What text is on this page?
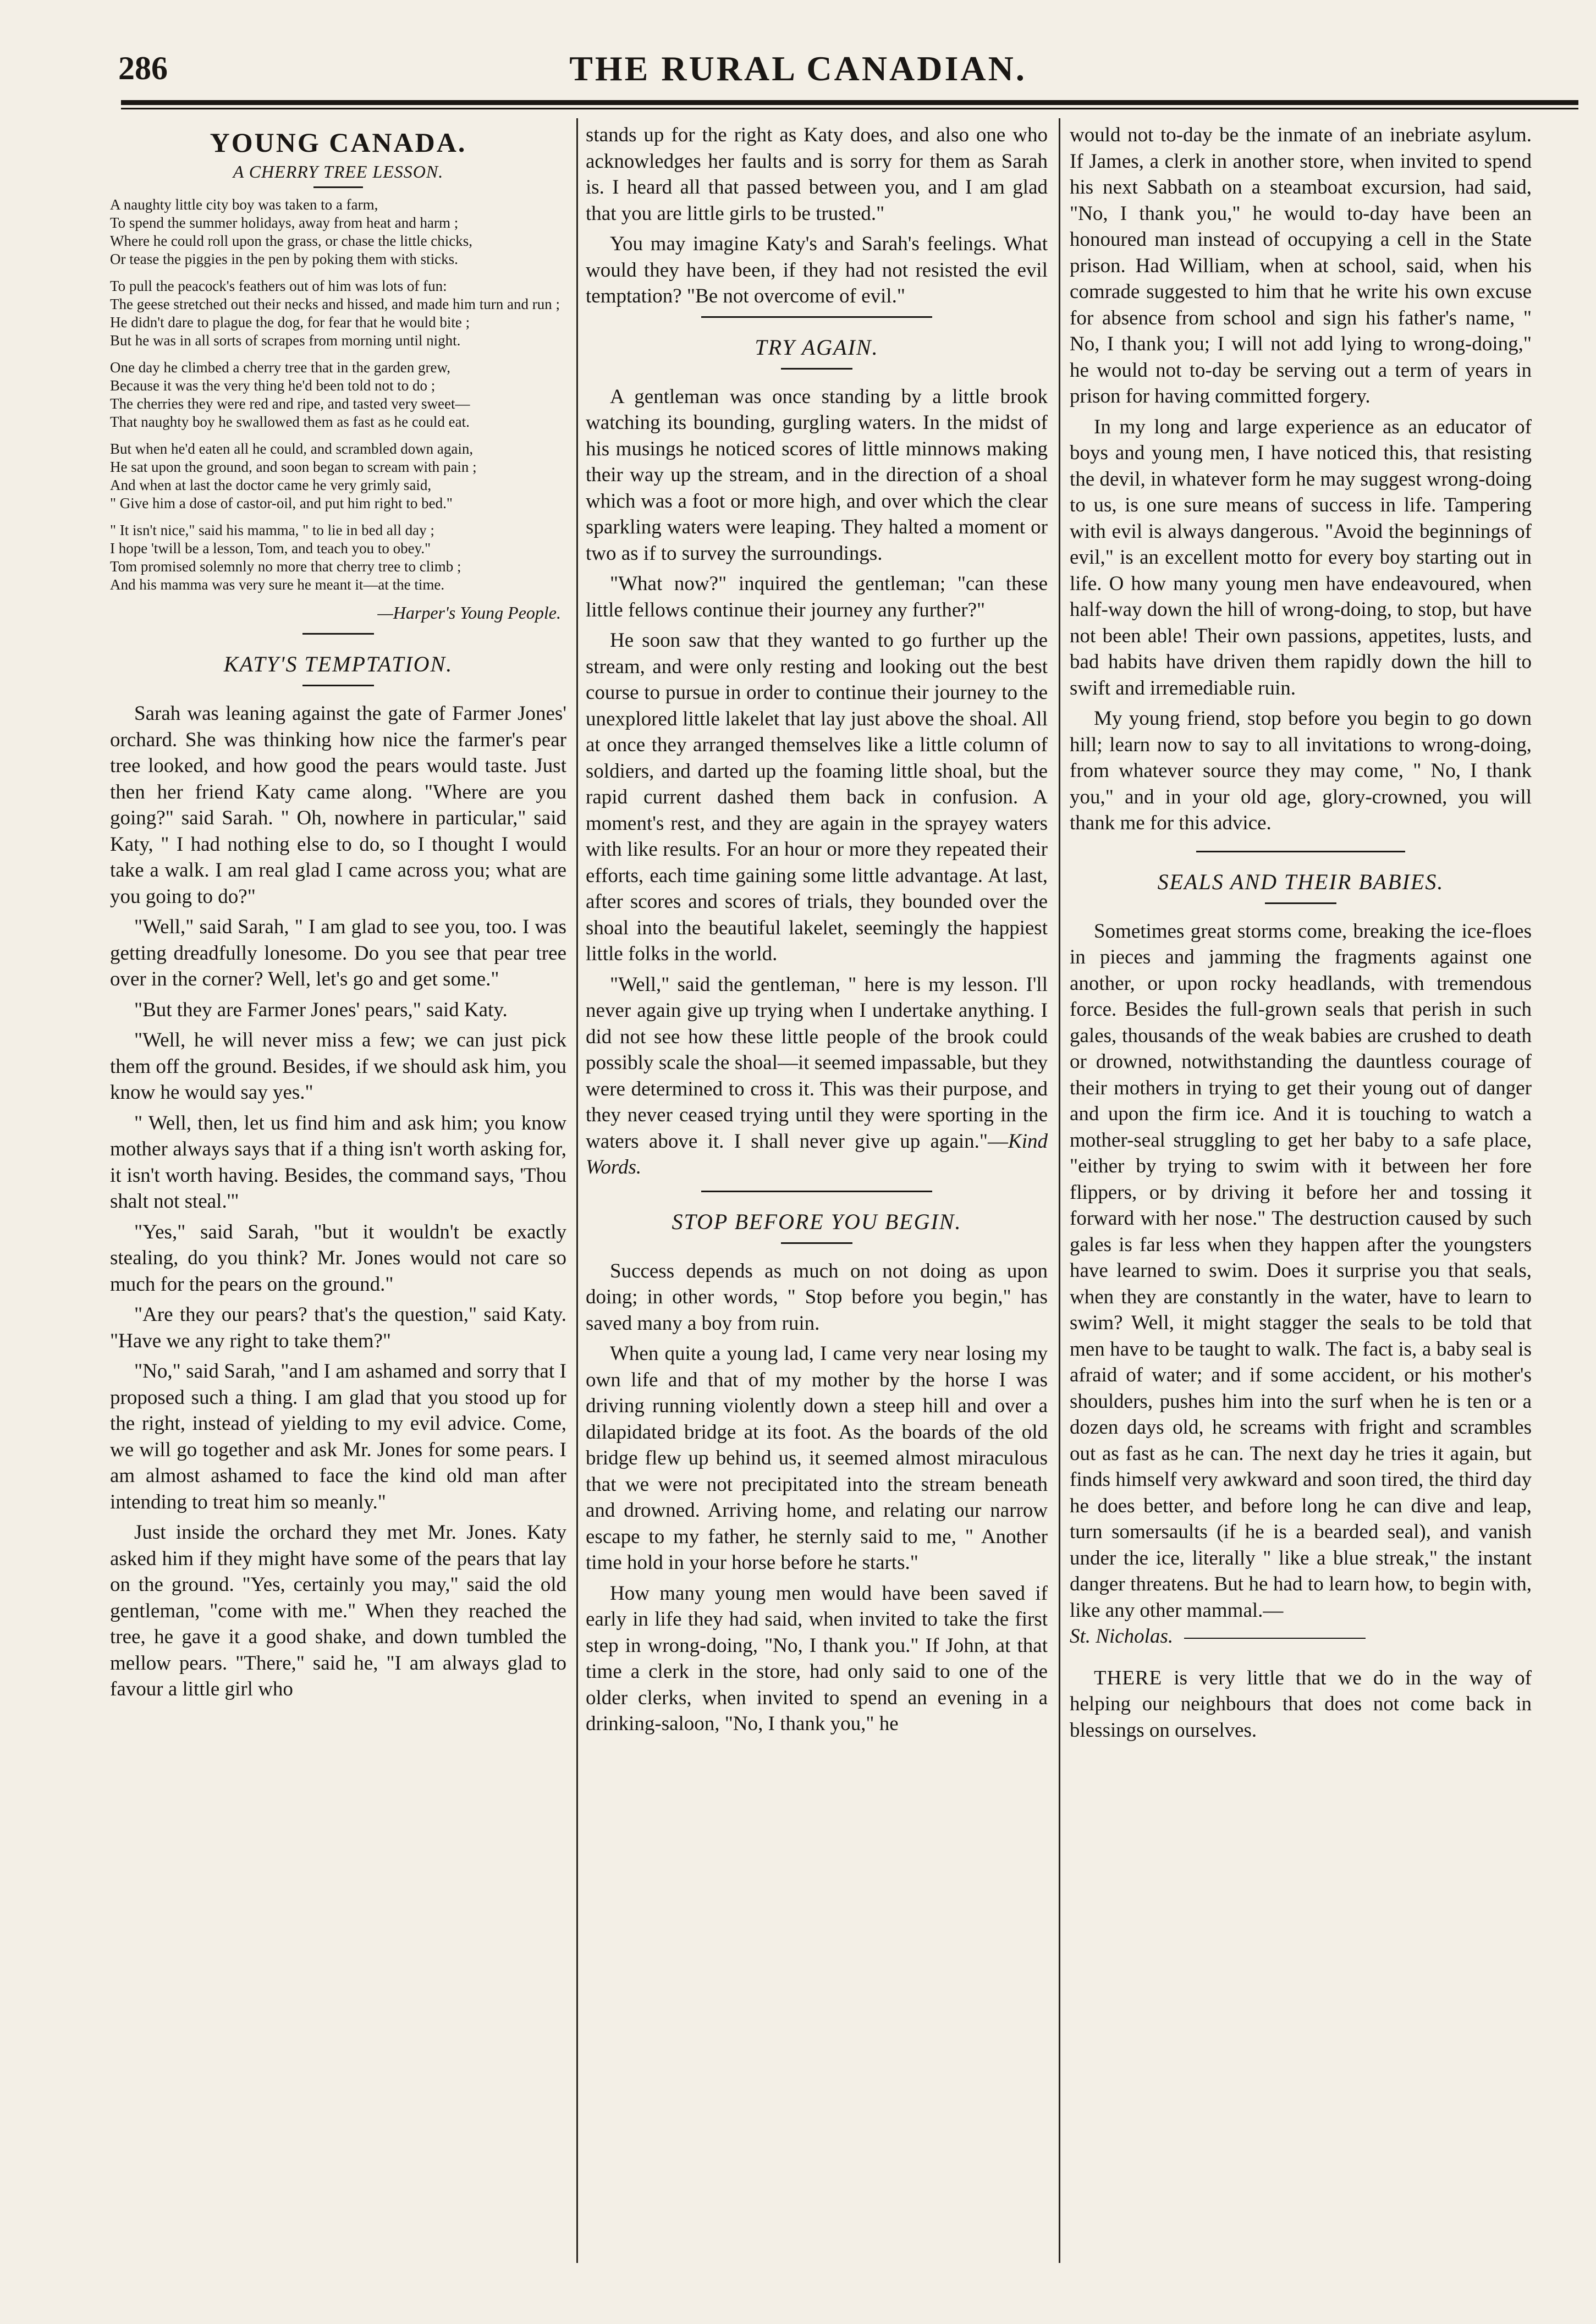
THE RURAL CANADIAN.
286
YOUNG CANADA.
A CHERRY TREE LESSON.
A naughty little city boy was taken to a farm,
To spend the summer holidays, away from heat and harm ;
Where he could roll upon the grass, or chase the little chicks,
Or tease the piggies in the pen by poking them with sticks.
To pull the peacock's feathers out of him was lots of fun:
The geese stretched out their necks and hissed, and made him turn and run ;
He didn't dare to plague the dog, for fear that he would bite ;
But he was in all sorts of scrapes from morning until night.
One day he climbed a cherry tree that in the garden grew,
Because it was the very thing he'd been told not to do ;
The cherries they were red and ripe, and tasted very sweet—
That naughty boy he swallowed them as fast as he could eat.
But when he'd eaten all he could, and scrambled down again,
He sat upon the ground, and soon began to scream with pain ;
And when at last the doctor came he very grimly said,
" Give him a dose of castor-oil, and put him right to bed."
" It isn't nice," said his mamma, " to lie in bed all day ;
I hope 'twill be a lesson, Tom, and teach you to obey."
Tom promised solemnly no more that cherry tree to climb ;
And his mamma was very sure he meant it—at the time.
—Harper's Young People.
KATY'S TEMPTATION.

Sarah was leaning against the gate of Farmer Jones' orchard. She was thinking how nice the farmer's pear tree looked, and how good the pears would taste. Just then her friend Katy came along. "Where are you going?" said Sarah. " Oh, nowhere in particular," said Katy, " I had nothing else to do, so I thought I would take a walk. I am real glad I came across you; what are you going to do?"

"Well," said Sarah, " I am glad to see you, too. I was getting dreadfully lonesome. Do you see that pear tree over in the corner? Well, let's go and get some."

"But they are Farmer Jones' pears," said Katy.

"Well, he will never miss a few; we can just pick them off the ground. Besides, if we should ask him, you know he would say yes."

" Well, then, let us find him and ask him; you know mother always says that if a thing isn't worth asking for, it isn't worth having. Besides, the command says, 'Thou shalt not steal.'"

"Yes," said Sarah, "but it wouldn't be exactly stealing, do you think? Mr. Jones would not care so much for the pears on the ground."

"Are they our pears? that's the question," said Katy. "Have we any right to take them?"

"No," said Sarah, "and I am ashamed and sorry that I proposed such a thing. I am glad that you stood up for the right, instead of yielding to my evil advice. Come, we will go together and ask Mr. Jones for some pears. I am almost ashamed to face the kind old man after intending to treat him so meanly."

Just inside the orchard they met Mr. Jones. Katy asked him if they might have some of the pears that lay on the ground. "Yes, certainly you may," said the old gentleman, "come with me." When they reached the tree, he gave it a good shake, and down tumbled the mellow pears. "There," said he, "I am always glad to favour a little girl who

stands up for the right as Katy does, and also one who acknowledges her faults and is sorry for them as Sarah is. I heard all that passed between you, and I am glad that you are little girls to be trusted."

You may imagine Katy's and Sarah's feelings. What would they have been, if they had not resisted the evil temptation? "Be not overcome of evil."

TRY AGAIN.

A gentleman was once standing by a little brook watching its bounding, gurgling waters. In the midst of his musings he noticed scores of little minnows making their way up the stream, and in the direction of a shoal which was a foot or more high, and over which the clear sparkling waters were leaping. They halted a moment or two as if to survey the surroundings.

"What now?" inquired the gentleman; "can these little fellows continue their journey any further?"

He soon saw that they wanted to go further up the stream, and were only resting and looking out the best course to pursue in order to continue their journey to the unexplored little lakelet that lay just above the shoal. All at once they arranged themselves like a little column of soldiers, and darted up the foaming little shoal, but the rapid current dashed them back in confusion. A moment's rest, and they are again in the sprayey waters with like results. For an hour or more they repeated their efforts, each time gaining some little advantage. At last, after scores and scores of trials, they bounded over the shoal into the beautiful lakelet, seemingly the happiest little folks in the world.

"Well," said the gentleman, " here is my lesson. I'll never again give up trying when I undertake anything. I did not see how these little people of the brook could possibly scale the shoal—it seemed impassable, but they were determined to cross it. This was their purpose, and they never ceased trying until they were sporting in the waters above it. I shall never give up again."—Kind Words.

STOP BEFORE YOU BEGIN.

Success depends as much on not doing as upon doing; in other words, " Stop before you begin," has saved many a boy from ruin.

When quite a young lad, I came very near losing my own life and that of my mother by the horse I was driving running violently down a steep hill and over a dilapidated bridge at its foot. As the boards of the old bridge flew up behind us, it seemed almost miraculous that we were not precipitated into the stream beneath and drowned. Arriving home, and relating our narrow escape to my father, he sternly said to me, " Another time hold in your horse before he starts."

How many young men would have been saved if early in life they had said, when invited to take the first step in wrong-doing, "No, I thank you." If John, at that time a clerk in the store, had only said to one of the older clerks, when invited to spend an evening in a drinking-saloon, "No, I thank you," he

would not to-day be the inmate of an inebriate asylum. If James, a clerk in another store, when invited to spend his next Sabbath on a steamboat excursion, had said, "No, I thank you," he would to-day have been an honoured man instead of occupying a cell in the State prison. Had William, when at school, said, when his comrade suggested to him that he write his own excuse for absence from school and sign his father's name, " No, I thank you; I will not add lying to wrong-doing," he would not to-day be serving out a term of years in prison for having committed forgery.

In my long and large experience as an educator of boys and young men, I have noticed this, that resisting the devil, in whatever form he may suggest wrong-doing to us, is one sure means of success in life. Tampering with evil is always dangerous. "Avoid the beginnings of evil," is an excellent motto for every boy starting out in life. O how many young men have endeavoured, when half-way down the hill of wrong-doing, to stop, but have not been able! Their own passions, appetites, lusts, and bad habits have driven them rapidly down the hill to swift and irremediable ruin.

My young friend, stop before you begin to go down hill; learn now to say to all invitations to wrong-doing, from whatever source they may come, " No, I thank you," and in your old age, glory-crowned, you will thank me for this advice.

SEALS AND THEIR BABIES.

Sometimes great storms come, breaking the ice-floes in pieces and jamming the fragments against one another, or upon rocky headlands, with tremendous force. Besides the full-grown seals that perish in such gales, thousands of the weak babies are crushed to death or drowned, notwithstanding the dauntless courage of their mothers in trying to get their young out of danger and upon the firm ice. And it is touching to watch a mother-seal struggling to get her baby to a safe place, "either by trying to swim with it between her fore flippers, or by driving it before her and tossing it forward with her nose." The destruction caused by such gales is far less when they happen after the youngsters have learned to swim. Does it surprise you that seals, when they are constantly in the water, have to learn to swim? Well, it might stagger the seals to be told that men have to be taught to walk. The fact is, a baby seal is afraid of water; and if some accident, or his mother's shoulders, pushes him into the surf when he is ten or a dozen days old, he screams with fright and scrambles out as fast as he can. The next day he tries it again, but finds himself very awkward and soon tired, the third day he does better, and before long he can dive and leap, turn somersaults (if he is a bearded seal), and vanish under the ice, literally " like a blue streak," the instant danger threatens. But he had to learn how, to begin with, like any other mammal.—
St. Nicholas.

THERE is very little that we do in the way of helping our neighbours that does not come back in blessings on ourselves.
